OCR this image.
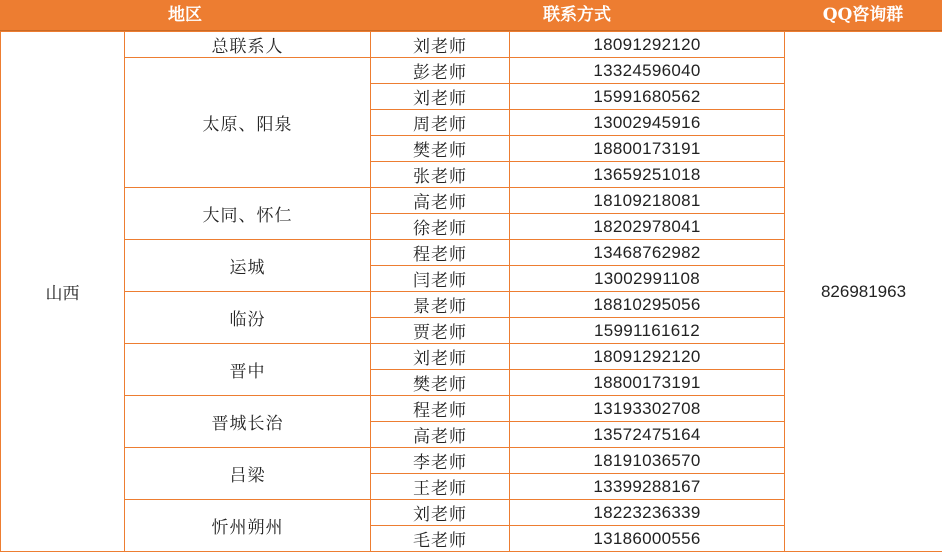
地区	联系方式	QQ咨询群
山西	总联系人	刘老师	18091292120	826981963
	太原、阳泉	彭老师	13324596040	
		刘老师	15991680562	
		周老师	13002945916	
		樊老师	18800173191	
		张老师	13659251018	
	大同、怀仁	高老师	18109218081	
		徐老师	18202978041	
	运城	程老师	13468762982	
		闫老师	13002991108	
	临汾	景老师	18810295056	
		贾老师	15991161612	
	晋中	刘老师	18091292120	
		樊老师	18800173191	
	晋城长治	程老师	13193302708	
		高老师	13572475164	
	吕梁	李老师	18191036570	
		王老师	13399288167	
	忻州朔州	刘老师	18223236339	
		毛老师	13186000556	
